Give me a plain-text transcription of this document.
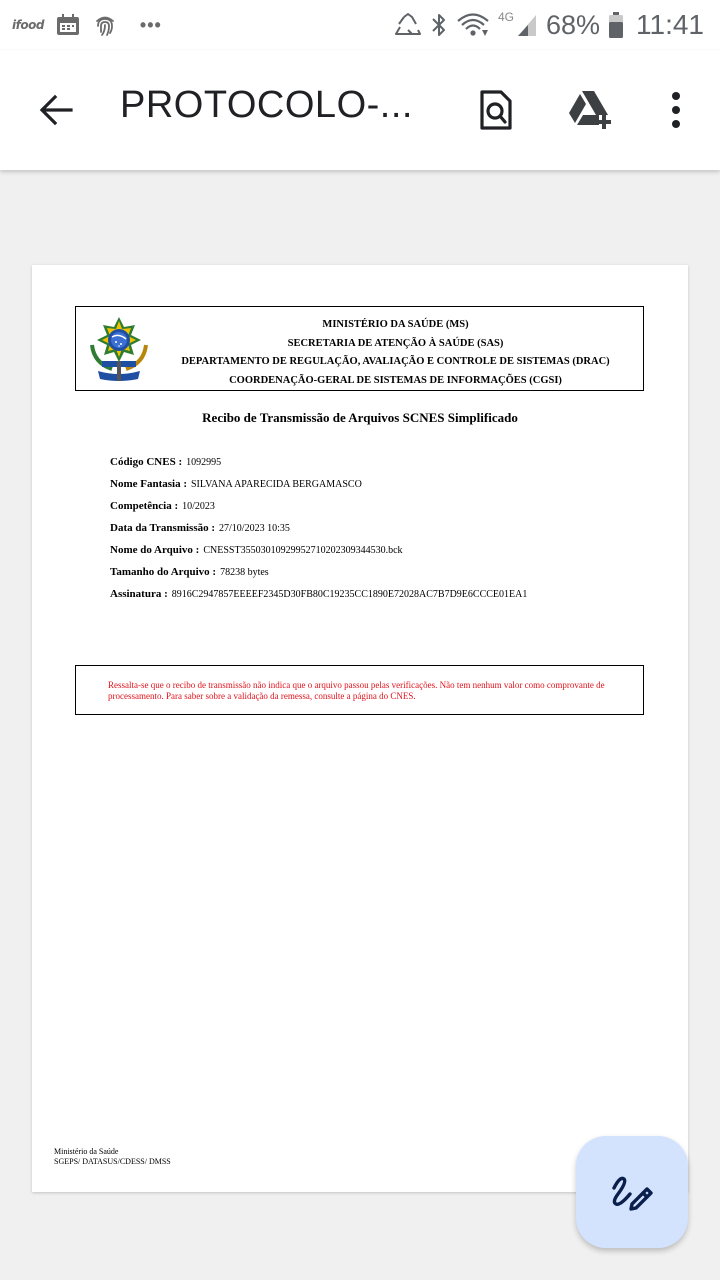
ifood	•••	4G 68% 11:41
PROTOCOLO-...
MINISTÉRIO DA SAÚDE (MS)
SECRETARIA DE ATENÇÃO À SAÚDE (SAS)
DEPARTAMENTO DE REGULAÇÃO, AVALIAÇÃO E CONTROLE DE SISTEMAS (DRAC)
COORDENAÇÃO-GERAL DE SISTEMAS DE INFORMAÇÕES (CGSI)
Recibo de Transmissão de Arquivos SCNES Simplificado
Código CNES : 1092995
Nome Fantasia : SILVANA APARECIDA BERGAMASCO
Competência : 10/2023
Data da Transmissão : 27/10/2023 10:35
Nome do Arquivo : CNESST355030109299527102023093445​30.bck
Tamanho do Arquivo : 78238 bytes
Assinatura : 8916C2947857EEEEF2345D30FB80C19235CC1890E72028AC7B7D9E6CCCE01EA1
Ressalta-se que o recibo de transmissão não indica que o arquivo passou pelas verificações. Não tem nenhum valor como comprovante de processamento. Para saber sobre a validação da remessa, consulte a página do CNES.
Ministério da Saúde
SGEPS/ DATASUS/CDESS/ DMSS
